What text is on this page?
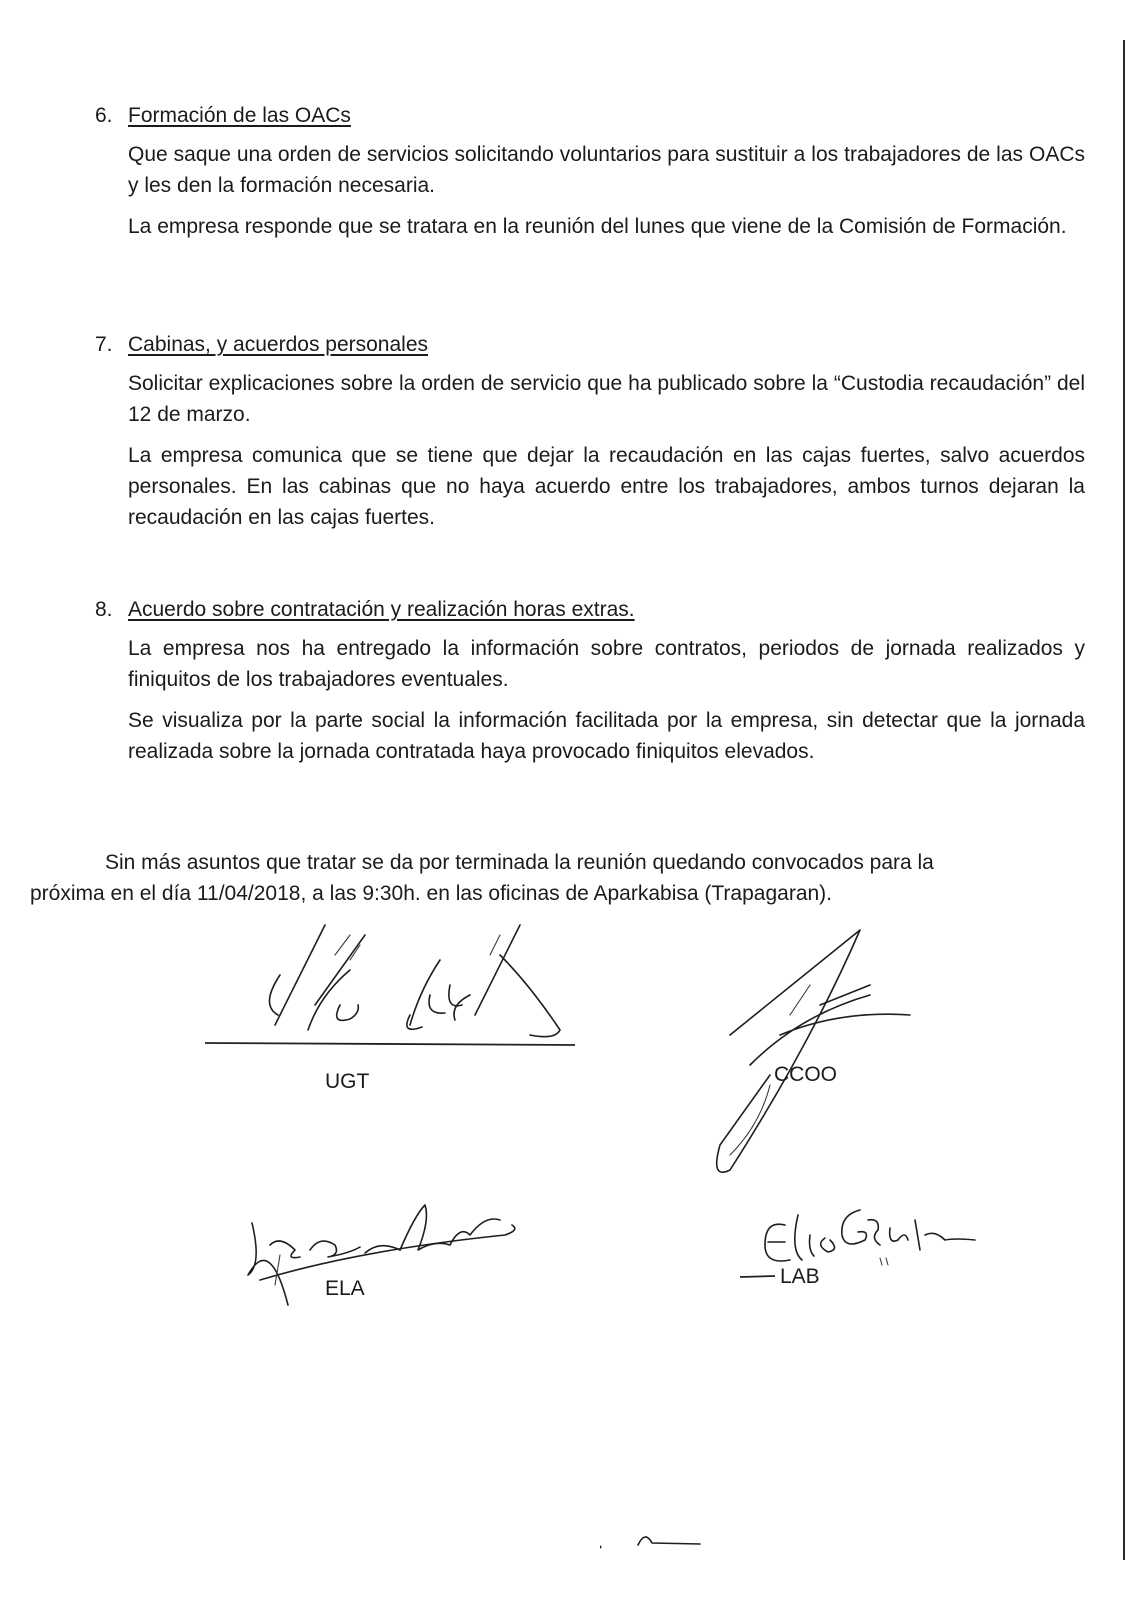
6. Formación de las OACs

Que saque una orden de servicios solicitando voluntarios para sustituir a los trabajadores de las OACs y les den la formación necesaria.

La empresa responde que se tratara en la reunión del lunes que viene de la Comisión de Formación.

7. Cabinas, y acuerdos personales

Solicitar explicaciones sobre la orden de servicio que ha publicado sobre la “Custodia recaudación” del 12 de marzo.

La empresa comunica que se tiene que dejar la recaudación en las cajas fuertes, salvo acuerdos personales. En las cabinas que no haya acuerdo entre los trabajadores, ambos turnos dejaran la recaudación en las cajas fuertes.

8. Acuerdo sobre contratación y realización horas extras.

La empresa nos ha entregado la información sobre contratos, periodos de jornada realizados y finiquitos de los trabajadores eventuales.

Se visualiza por la parte social la información facilitada por la empresa, sin detectar que la jornada realizada sobre la jornada contratada haya provocado finiquitos elevados.

Sin más asuntos que tratar se da por terminada la reunión quedando convocados para la
próxima en el día 11/04/2018, a las 9:30h. en las oficinas de Aparkabisa (Trapagaran).
UGT	CCOO
ELA
LAB
